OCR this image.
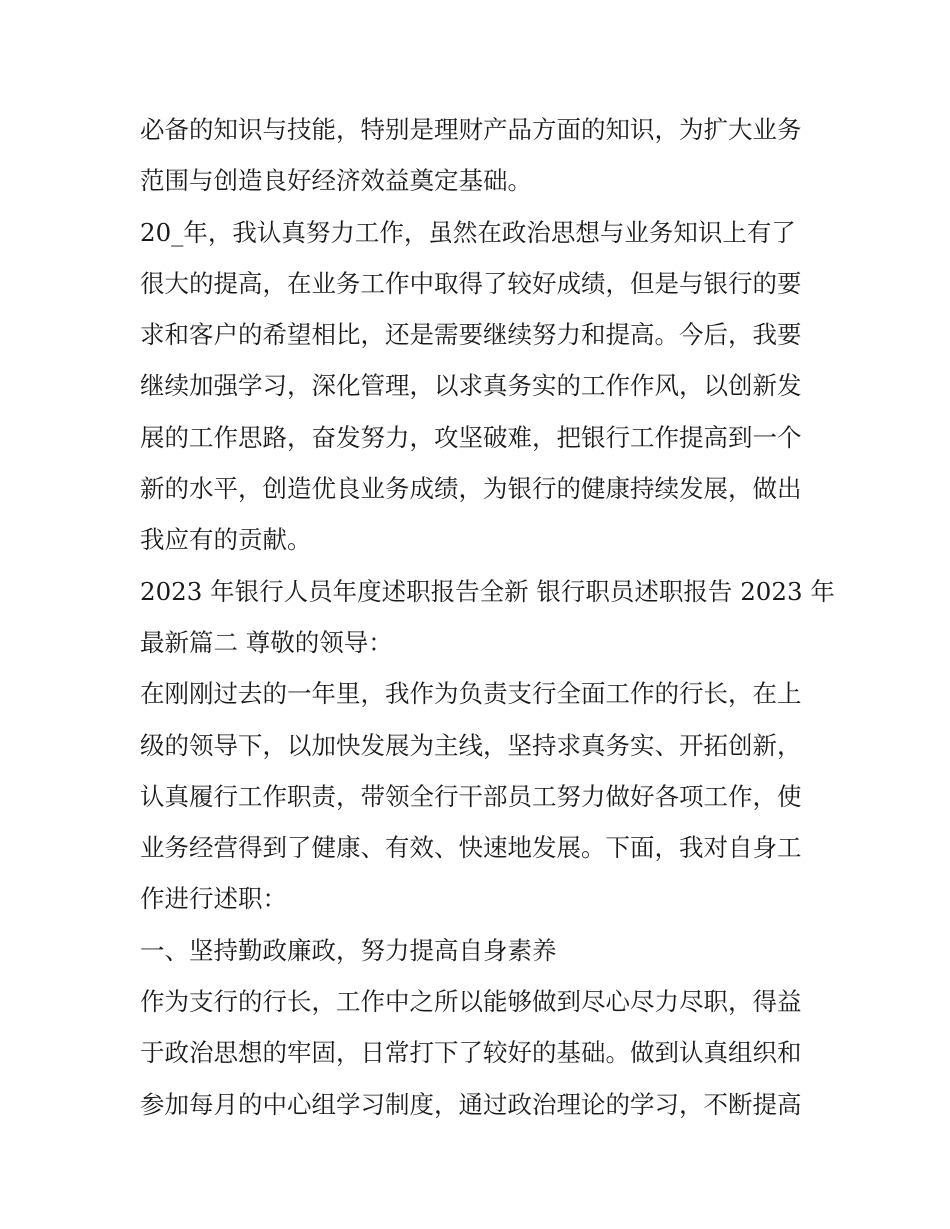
必备的知识与技能，特别是理财产品方面的知识，为扩大业务
范围与创造良好经济效益奠定基础。
20_年，我认真努力工作，虽然在政治思想与业务知识上有了
很大的提高，在业务工作中取得了较好成绩，但是与银行的要
求和客户的希望相比，还是需要继续努力和提高。今后，我要
继续加强学习，深化管理，以求真务实的工作作风，以创新发
展的工作思路，奋发努力，攻坚破难，把银行工作提高到一个
新的水平，创造优良业务成绩，为银行的健康持续发展，做出
我应有的贡献。
2023 年银行人员年度述职报告全新 银行职员述职报告 2023 年
最新篇二 尊敬的领导：
在刚刚过去的一年里，我作为负责支行全面工作的行长，在上
级的领导下，以加快发展为主线，坚持求真务实、开拓创新，
认真履行工作职责，带领全行干部员工努力做好各项工作，使
业务经营得到了健康、有效、快速地发展。下面，我对自身工
作进行述职：
一、坚持勤政廉政，努力提高自身素养
作为支行的行长，工作中之所以能够做到尽心尽力尽职，得益
于政治思想的牢固，日常打下了较好的基础。做到认真组织和
参加每月的中心组学习制度，通过政治理论的学习，不断提高
